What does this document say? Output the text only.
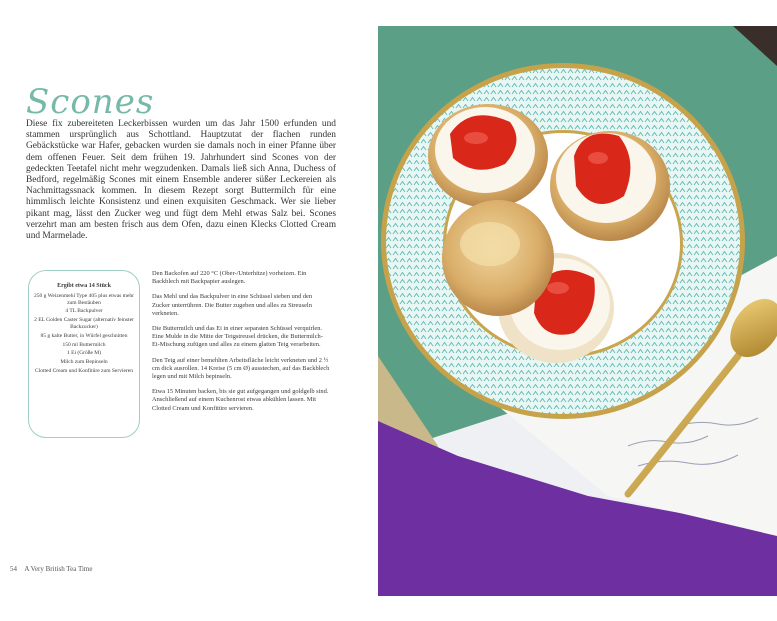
Scones
Diese fix zubereiteten Leckerbissen wurden um das Jahr 1500 erfunden und stammen ursprünglich aus Schottland. Hauptzutat der flachen runden Gebäckstücke war Hafer, gebacken wurden sie damals noch in einer Pfanne über dem offenen Feuer. Seit dem frühen 19. Jahrhundert sind Scones von der gedeckten Teetafel nicht mehr wegzudenken. Damals ließ sich Anna, Duchess of Bedford, regelmäßig Scones mit einem Ensemble anderer süßer Leckereien als Nachmittagssnack kommen. In diesem Rezept sorgt Buttermilch für eine himmlisch leichte Konsistenz und einen exquisiten Geschmack. Wer sie lieber pikant mag, lässt den Zucker weg und fügt dem Mehl etwas Salz bei. Scones verzehrt man am besten frisch aus dem Ofen, dazu einen Klecks Clotted Cream und Marmelade.
Ergibt etwa 14 Stück
250 g Weizenmehl Type 405 plus etwas mehr zum Bestäuben
4 TL Backpulver
2 EL Golden Caster Sugar (alternativ feinster Backzucker)
85 g kalte Butter, in Würfel geschnitten
150 ml Buttermilch
1 Ei (Größe M)
Milch zum Bepinseln
Clotted Cream und Konfitüre zum Servieren
Den Backofen auf 220 °C (Ober-/Unterhitze) vorheizen. Ein Backblech mit Backpapier auslegen.
Das Mehl und das Backpulver in eine Schüssel sieben und den Zucker unterrühren. Die Butter zugeben und alles zu Streuseln verkneten.
Die Buttermilch und das Ei in einer separaten Schüssel verquirlen. Eine Mulde in die Mitte der Teigstreusel drücken, die Buttermilch-Ei-Mischung zufügen und alles zu einem glatten Teig verarbeiten.
Den Teig auf einer bemehlten Arbeitsfläche leicht verkneten und 2 ½ cm dick ausrollen. 14 Kreise (5 cm Ø) ausstechen, auf das Backblech legen und mit Milch bepinseln.
Etwa 15 Minuten backen, bis sie gut aufgegangen und goldgelb sind. Anschließend auf einem Kuchenrost etwas abkühlen lassen. Mit Clotted Cream und Konfitüre servieren.
54 A Very British Tea Time
